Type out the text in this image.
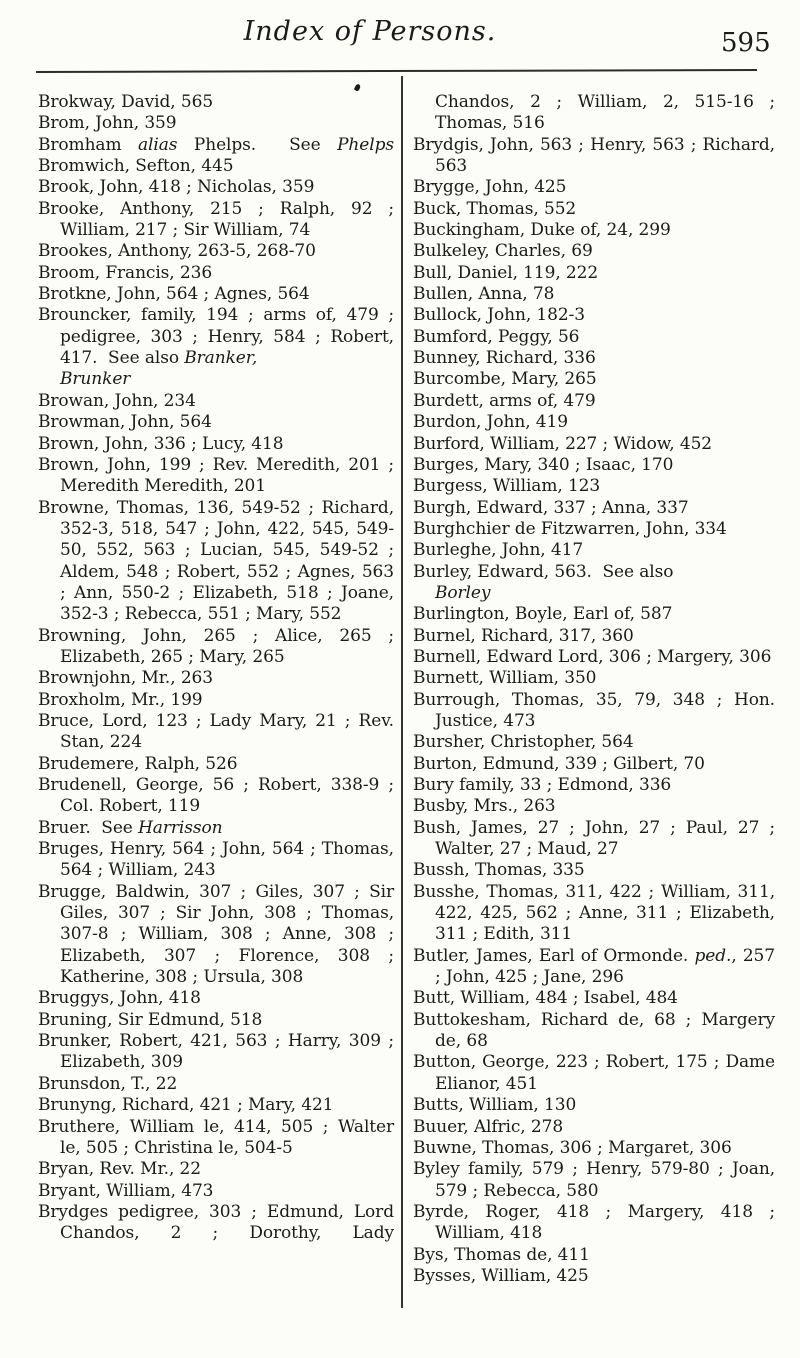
Index of Persons.	595
Brokway, David, 565
Brom, John, 359
Bromham alias Phelps.  See Phelps
Bromwich, Sefton, 445
Brook, John, 418 ; Nicholas, 359
Brooke, Anthony, 215 ; Ralph, 92 ; William, 217 ; Sir William, 74
Brookes, Anthony, 263-5, 268-70
Broom, Francis, 236
Brotkne, John, 564 ; Agnes, 564
Brouncker, family, 194 ; arms of, 479 ; pedigree, 303 ; Henry, 584 ; Robert, 417.  See also Branker,
Brunker
Browan, John, 234
Browman, John, 564
Brown, John, 336 ; Lucy, 418
Brown, John, 199 ; Rev. Meredith, 201 ; Meredith Meredith, 201
Browne, Thomas, 136, 549-52 ; Richard, 352-3, 518, 547 ; John, 422, 545, 549-50, 552, 563 ; Lucian, 545, 549-52 ; Aldem, 548 ; Robert, 552 ; Agnes, 563 ; Ann, 550-2 ; Elizabeth, 518 ; Joane, 352-3 ; Rebecca, 551 ; Mary, 552
Browning, John, 265 ; Alice, 265 ; Elizabeth, 265 ; Mary, 265
Brownjohn, Mr., 263
Broxholm, Mr., 199
Bruce, Lord, 123 ; Lady Mary, 21 ; Rev. Stan, 224
Brudemere, Ralph, 526
Brudenell, George, 56 ; Robert, 338-9 ; Col. Robert, 119
Bruer.  See Harrisson
Bruges, Henry, 564 ; John, 564 ; Thomas, 564 ; William, 243
Brugge, Baldwin, 307 ; Giles, 307 ; Sir Giles, 307 ; Sir John, 308 ; Thomas, 307-8 ; William, 308 ; Anne, 308 ; Elizabeth, 307 ; Florence, 308 ; Katherine, 308 ; Ursula, 308
Bruggys, John, 418
Bruning, Sir Edmund, 518
Brunker, Robert, 421, 563 ; Harry, 309 ; Elizabeth, 309
Brunsdon, T., 22
Brunyng, Richard, 421 ; Mary, 421
Bruthere, William le, 414, 505 ; Walter le, 505 ; Christina le, 504-5
Bryan, Rev. Mr., 22
Bryant, William, 473
Brydges pedigree, 303 ; Edmund, Lord Chandos, 2 ; Dorothy, Lady
Chandos, 2 ; William, 2, 515-16 ; Thomas, 516
Brydgis, John, 563 ; Henry, 563 ; Richard, 563
Brygge, John, 425
Buck, Thomas, 552
Buckingham, Duke of, 24, 299
Bulkeley, Charles, 69
Bull, Daniel, 119, 222
Bullen, Anna, 78
Bullock, John, 182-3
Bumford, Peggy, 56
Bunney, Richard, 336
Burcombe, Mary, 265
Burdett, arms of, 479
Burdon, John, 419
Burford, William, 227 ; Widow, 452
Burges, Mary, 340 ; Isaac, 170
Burgess, William, 123
Burgh, Edward, 337 ; Anna, 337
Burghchier de Fitzwarren, John, 334
Burleghe, John, 417
Burley, Edward, 563.  See also
Borley
Burlington, Boyle, Earl of, 587
Burnel, Richard, 317, 360
Burnell, Edward Lord, 306 ; Margery, 306
Burnett, William, 350
Burrough, Thomas, 35, 79, 348 ; Hon. Justice, 473
Bursher, Christopher, 564
Burton, Edmund, 339 ; Gilbert, 70
Bury family, 33 ; Edmond, 336
Busby, Mrs., 263
Bush, James, 27 ; John, 27 ; Paul, 27 ; Walter, 27 ; Maud, 27
Bussh, Thomas, 335
Busshe, Thomas, 311, 422 ; William, 311, 422, 425, 562 ; Anne, 311 ; Elizabeth, 311 ; Edith, 311
Butler, James, Earl of Ormonde. ped., 257 ; John, 425 ; Jane, 296
Butt, William, 484 ; Isabel, 484
Buttokesham, Richard de, 68 ; Margery de, 68
Button, George, 223 ; Robert, 175 ; Dame Elianor, 451
Butts, William, 130
Buuer, Alfric, 278
Buwne, Thomas, 306 ; Margaret, 306
Byley family, 579 ; Henry, 579-80 ; Joan, 579 ; Rebecca, 580
Byrde, Roger, 418 ; Margery, 418 ; William, 418
Bys, Thomas de, 411
Bysses, William, 425
